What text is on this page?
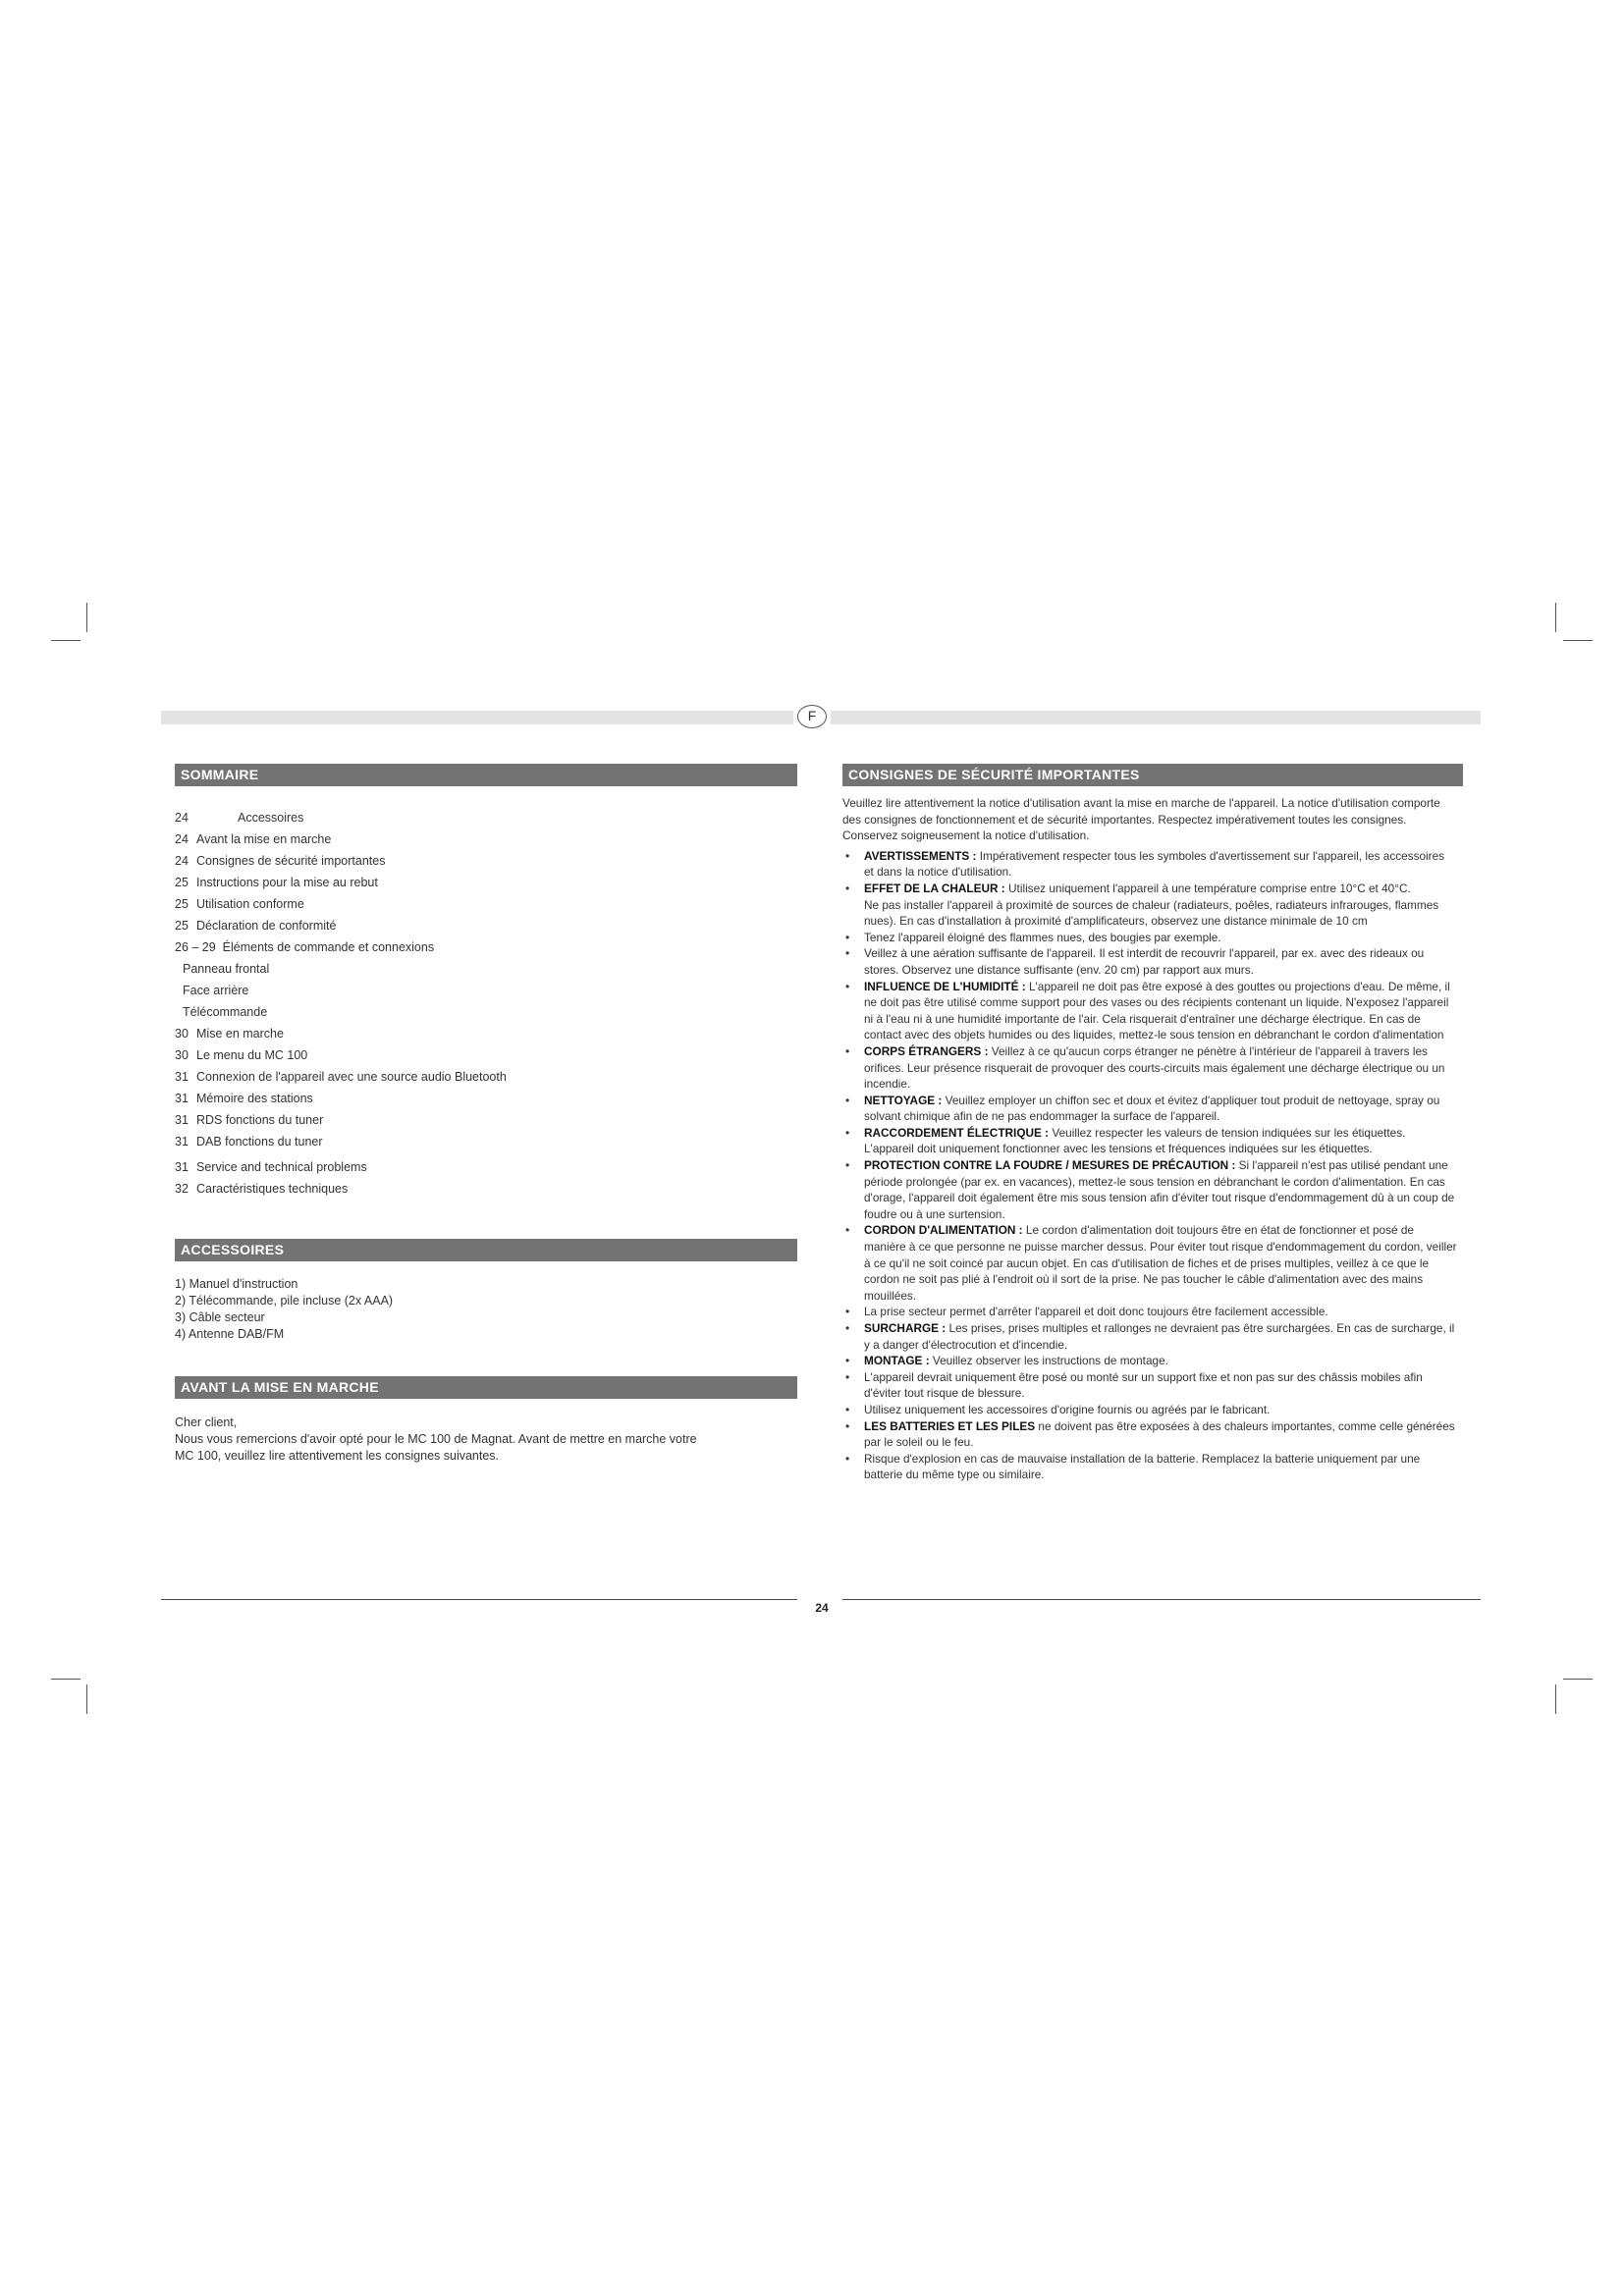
F
SOMMAIRE
24	Accessoires
24 Avant la mise en marche
24 Consignes de sécurité importantes
25 Instructions pour la mise au rebut
25 Utilisation conforme
25 Déclaration de conformité
26 – 29 Éléments de commande et connexions
Panneau frontal
Face arrière
Télécommande
30 Mise en marche
30 Le menu du MC 100
31 Connexion de l'appareil avec une source audio Bluetooth
31 Mémoire des stations
31 RDS fonctions du tuner
31 DAB fonctions du tuner
31 Service and technical problems
32 Caractéristiques techniques
ACCESSOIRES
1) Manuel d'instruction
2) Télécommande, pile incluse (2x AAA)
3) Câble secteur
4) Antenne DAB/FM
AVANT LA MISE EN MARCHE
Cher client,
Nous vous remercions d'avoir opté pour le MC 100 de Magnat. Avant de mettre en marche votre
MC 100, veuillez lire attentivement les consignes suivantes.
CONSIGNES DE SÉCURITÉ IMPORTANTES

Veuillez lire attentivement la notice d'utilisation avant la mise en marche de l'appareil. La notice d'utilisation comporte des consignes de fonctionnement et de sécurité importantes. Respectez impérativement toutes les consignes. Conservez soigneusement la notice d'utilisation.

• AVERTISSEMENTS : Impérativement respecter tous les symboles d'avertissement sur l'appareil, les accessoires et dans la notice d'utilisation.
• EFFET DE LA CHALEUR : Utilisez uniquement l'appareil à une température comprise entre 10°C et 40°C.
Ne pas installer l'appareil à proximité de sources de chaleur (radiateurs, poêles, radiateurs infrarouges, flammes nues). En cas d'installation à proximité d'amplificateurs, observez une distance minimale de 10 cm
• Tenez l'appareil éloigné des flammes nues, des bougies par exemple.
• Veillez à une aération suffisante de l'appareil. Il est interdit de recouvrir l'appareil, par ex. avec des rideaux ou stores. Observez une distance suffisante (env. 20 cm) par rapport aux murs.
• INFLUENCE DE L'HUMIDITÉ : L'appareil ne doit pas être exposé à des gouttes ou projections d'eau. De même, il ne doit pas être utilisé comme support pour des vases ou des récipients contenant un liquide. N'exposez l'appareil ni à l'eau ni à une humidité importante de l'air. Cela risquerait d'entraîner une décharge électrique. En cas de contact avec des objets humides ou des liquides, mettez-le sous tension en débranchant le cordon d'alimentation
• CORPS ÉTRANGERS : Veillez à ce qu'aucun corps étranger ne pénètre à l'intérieur de l'appareil à travers les orifices. Leur présence risquerait de provoquer des courts-circuits mais également une décharge électrique ou un incendie.
• NETTOYAGE : Veuillez employer un chiffon sec et doux et évitez d'appliquer tout produit de nettoyage, spray ou solvant chimique afin de ne pas endommager la surface de l'appareil.
• RACCORDEMENT ÉLECTRIQUE : Veuillez respecter les valeurs de tension indiquées sur les étiquettes. L'appareil doit uniquement fonctionner avec les tensions et fréquences indiquées sur les étiquettes.
• PROTECTION CONTRE LA FOUDRE / MESURES DE PRÉCAUTION : Si l'appareil n'est pas utilisé pendant une période prolongée (par ex. en vacances), mettez-le sous tension en débranchant le cordon d'alimentation. En cas d'orage, l'appareil doit également être mis sous tension afin d'éviter tout risque d'endommagement dû à un coup de foudre ou à une surtension.
• CORDON D'ALIMENTATION : Le cordon d'alimentation doit toujours être en état de fonctionner et posé de manière à ce que personne ne puisse marcher dessus. Pour éviter tout risque d'endommagement du cordon, veiller à ce qu'il ne soit coincé par aucun objet. En cas d'utilisation de fiches et de prises multiples, veillez à ce que le cordon ne soit pas plié à l'endroit où il sort de la prise. Ne pas toucher le câble d'alimentation avec des mains mouillées.
• La prise secteur permet d'arrêter l'appareil et doit donc toujours être facilement accessible.
• SURCHARGE : Les prises, prises multiples et rallonges ne devraient pas être surchargées. En cas de surcharge, il y a danger d'électrocution et d'incendie.
• MONTAGE : Veuillez observer les instructions de montage.
• L'appareil devrait uniquement être posé ou monté sur un support fixe et non pas sur des châssis mobiles afin d'éviter tout risque de blessure.
• Utilisez uniquement les accessoires d'origine fournis ou agréés par le fabricant.
• LES BATTERIES ET LES PILES ne doivent pas être exposées à des chaleurs importantes, comme celle générées par le soleil ou le feu.
• Risque d'explosion en cas de mauvaise installation de la batterie. Remplacez la batterie uniquement par une batterie du même type ou similaire.
24
